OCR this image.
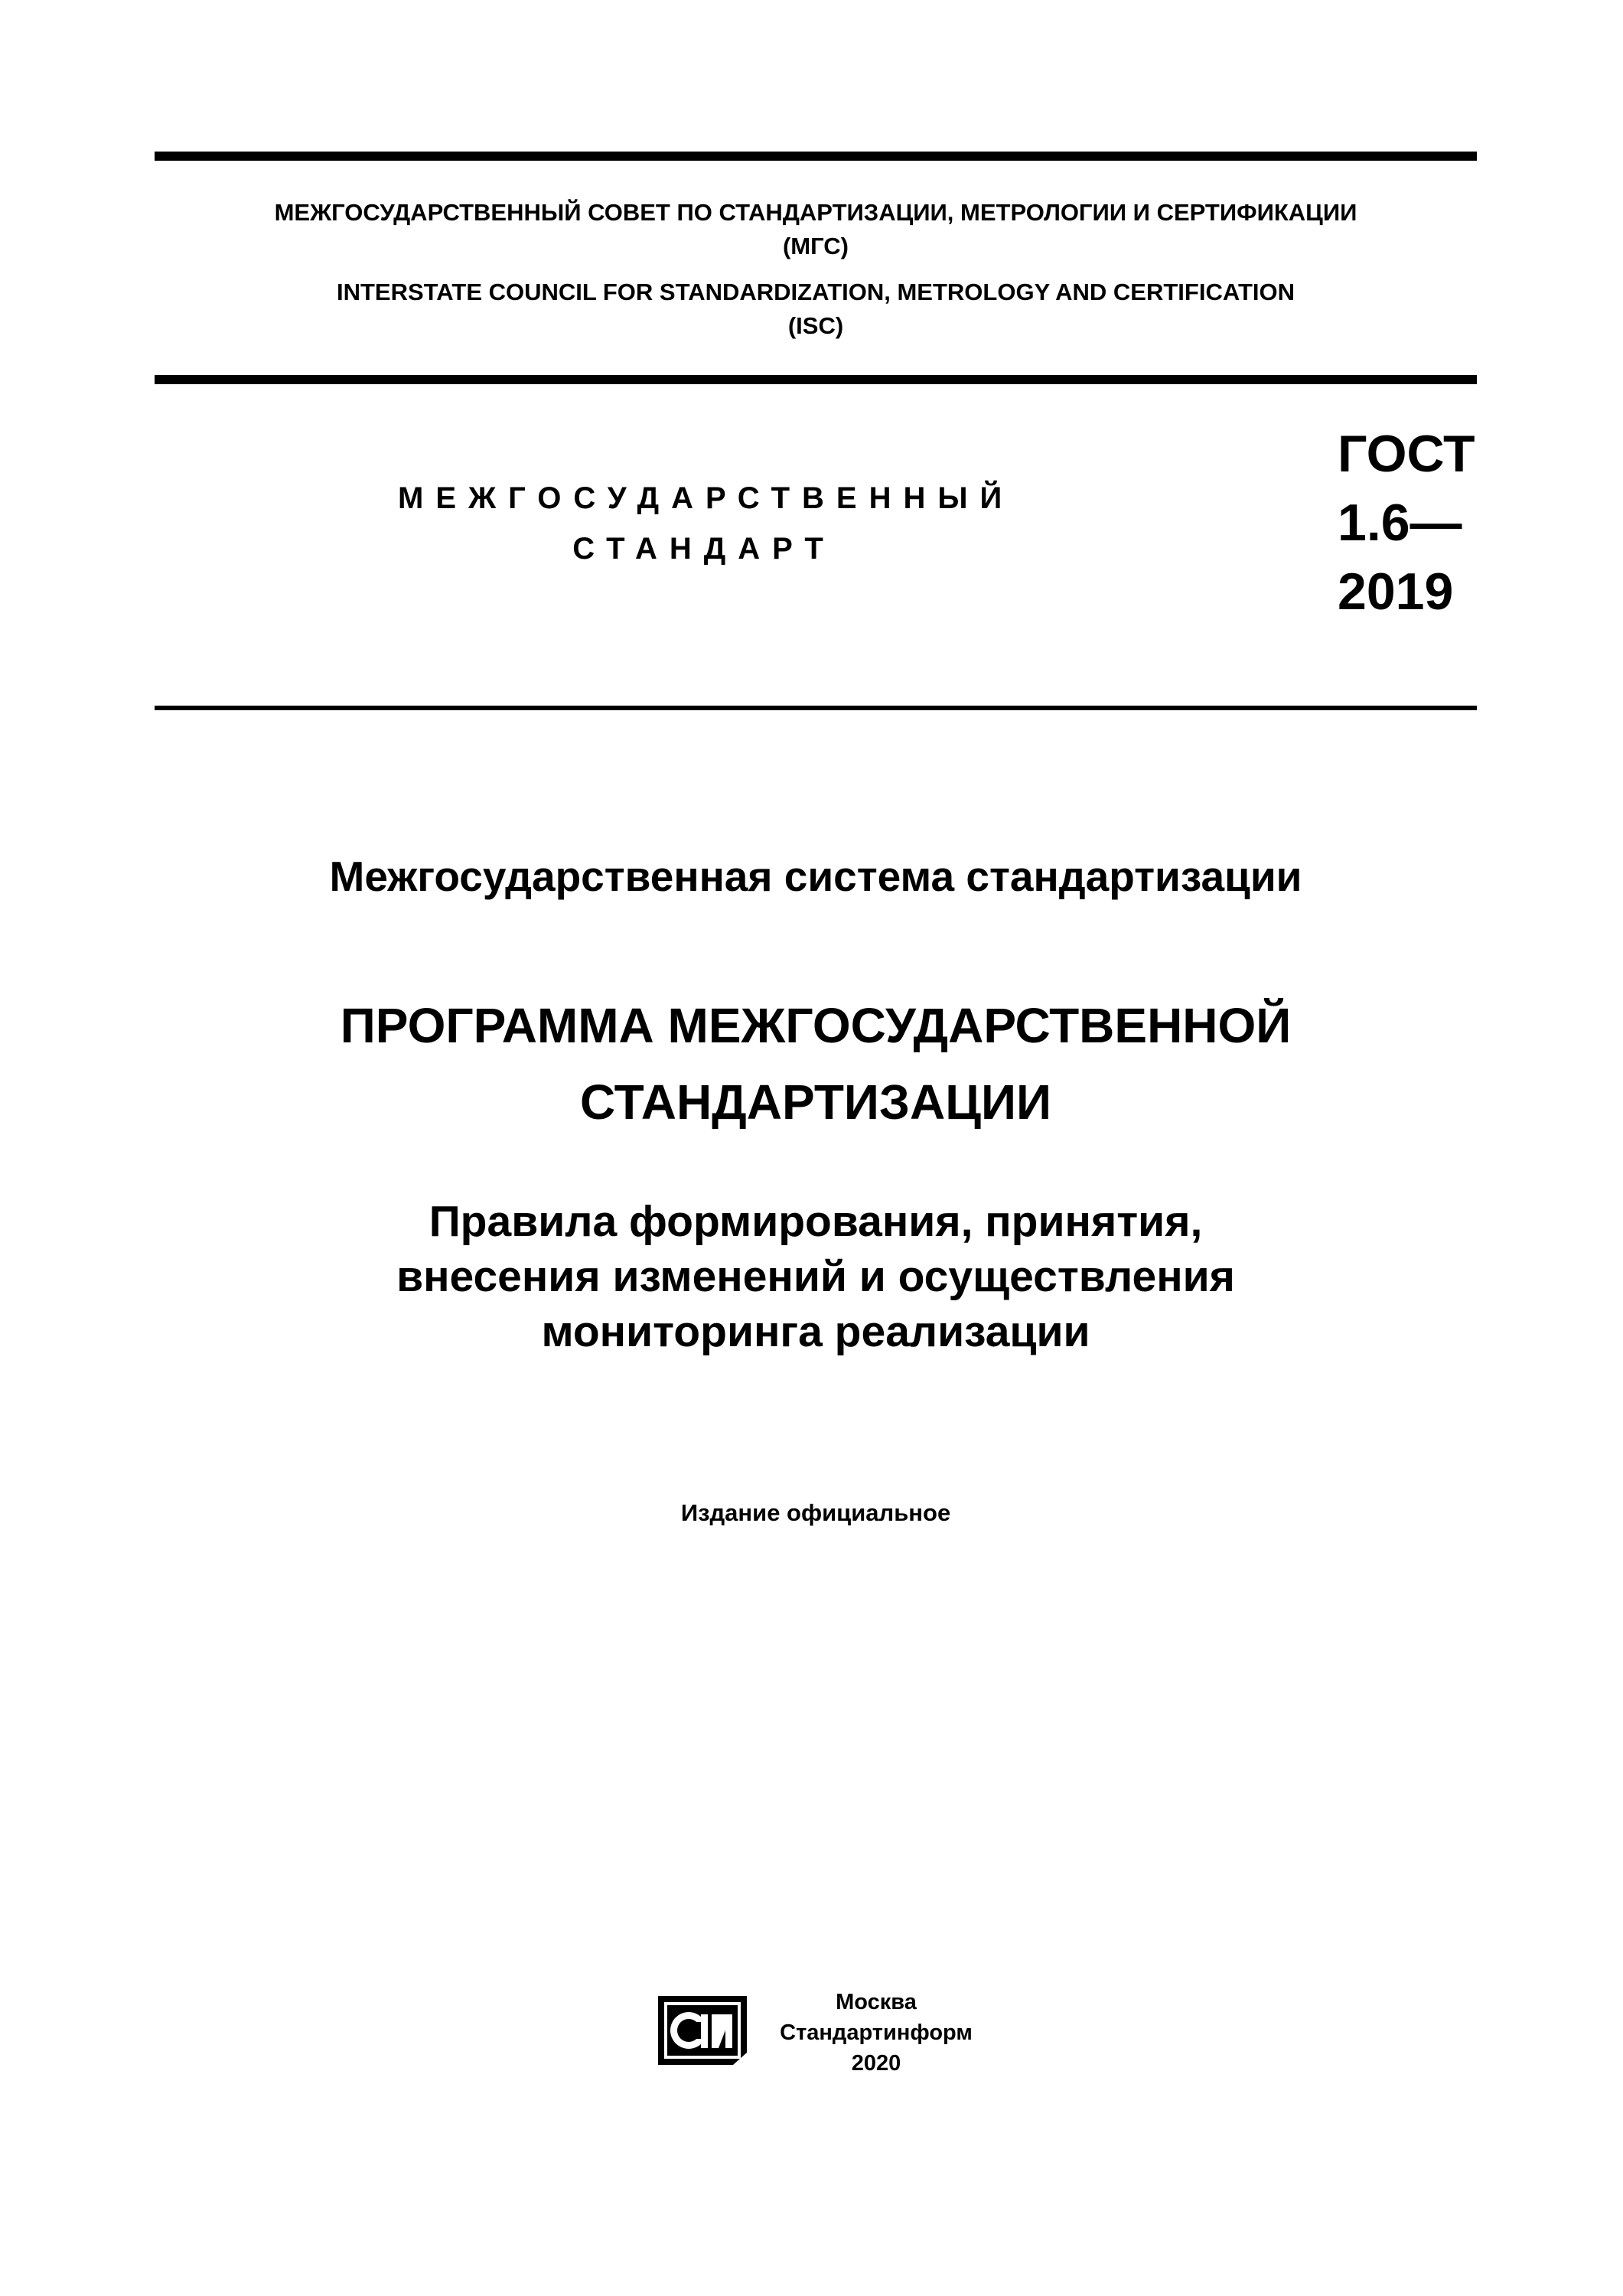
МЕЖГОСУДАРСТВЕННЫЙ СОВЕТ ПО СТАНДАРТИЗАЦИИ, МЕТРОЛОГИИ И СЕРТИФИКАЦИИ
(МГС)
INTERSTATE COUNCIL FOR STANDARDIZATION, METROLOGY AND CERTIFICATION
(ISC)
МЕЖГОСУДАРСТВЕННЫЙ
СТАНДАРТ
ГОСТ
1.6—
2019
Межгосударственная система стандартизации
ПРОГРАММА МЕЖГОСУДАРСТВЕННОЙ
СТАНДАРТИЗАЦИИ
Правила формирования, принятия,
внесения изменений и осуществления
мониторинга реализации
Издание официальное
Москва
Стандартинформ
2020
